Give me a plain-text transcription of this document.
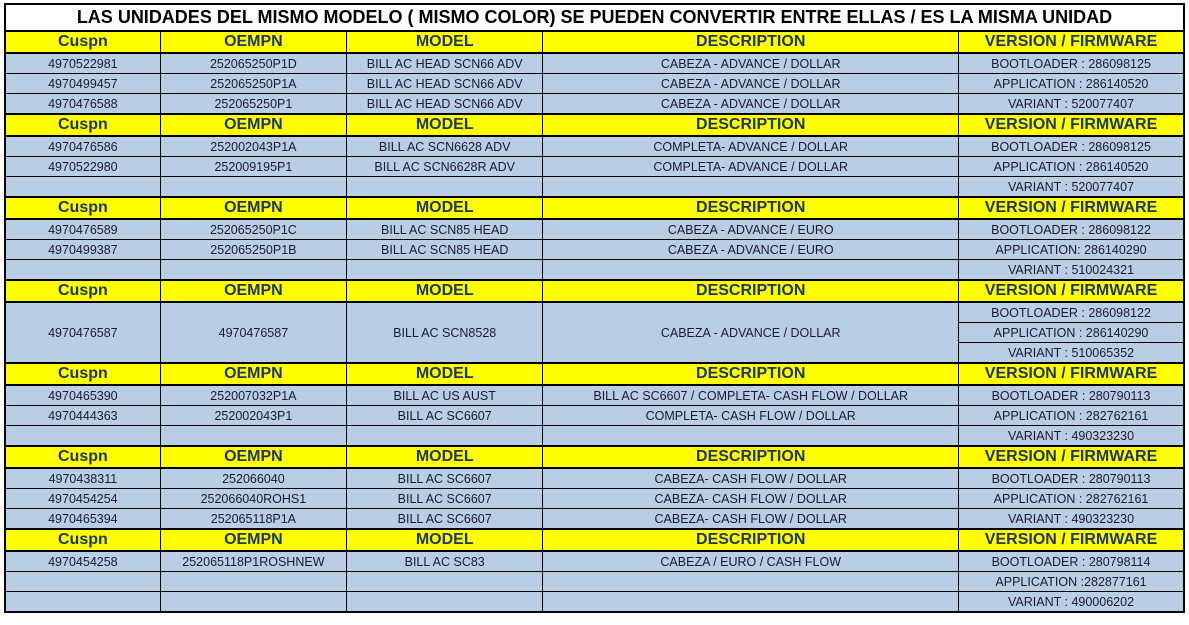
LAS UNIDADES DEL MISMO MODELO ( MISMO COLOR) SE PUEDEN CONVERTIR ENTRE ELLAS / ES LA MISMA UNIDAD				
Cuspn	OEMPN	MODEL	DESCRIPTION	VERSION / FIRMWARE
4970522981	252065250P1D	BILL AC HEAD SCN66 ADV	CABEZA - ADVANCE / DOLLAR	BOOTLOADER : 286098125
4970499457	252065250P1A	BILL AC HEAD SCN66 ADV	CABEZA - ADVANCE / DOLLAR	APPLICATION : 286140520
4970476588	252065250P1	BILL AC HEAD SCN66 ADV	CABEZA - ADVANCE / DOLLAR	VARIANT : 520077407
Cuspn	OEMPN	MODEL	DESCRIPTION	VERSION / FIRMWARE
4970476586	252002043P1A	BILL AC SCN6628 ADV	COMPLETA- ADVANCE / DOLLAR	BOOTLOADER : 286098125
4970522980	252009195P1	BILL AC SCN6628R ADV	COMPLETA- ADVANCE / DOLLAR	APPLICATION : 286140520
				VARIANT : 520077407
Cuspn	OEMPN	MODEL	DESCRIPTION	VERSION / FIRMWARE
4970476589	252065250P1C	BILL AC SCN85 HEAD	CABEZA - ADVANCE / EURO	BOOTLOADER : 286098122
4970499387	252065250P1B	BILL AC SCN85 HEAD	CABEZA - ADVANCE / EURO	APPLICATION: 286140290
				VARIANT : 510024321
Cuspn	OEMPN	MODEL	DESCRIPTION	VERSION / FIRMWARE
4970476587	4970476587	BILL AC SCN8528	CABEZA - ADVANCE / DOLLAR	BOOTLOADER : 286098122
				APPLICATION : 286140290
				VARIANT : 510065352
Cuspn	OEMPN	MODEL	DESCRIPTION	VERSION / FIRMWARE
4970465390	252007032P1A	BILL AC US AUST	BILL AC SC6607 / COMPLETA- CASH FLOW / DOLLAR	BOOTLOADER : 280790113
4970444363	252002043P1	BILL AC SC6607	COMPLETA- CASH FLOW / DOLLAR	APPLICATION : 282762161
				VARIANT : 490323230
Cuspn	OEMPN	MODEL	DESCRIPTION	VERSION / FIRMWARE
4970438311	252066040	BILL AC SC6607	CABEZA- CASH FLOW / DOLLAR	BOOTLOADER : 280790113
4970454254	252066040ROHS1	BILL AC SC6607	CABEZA- CASH FLOW / DOLLAR	APPLICATION : 282762161
4970465394	252065118P1A	BILL AC SC6607	CABEZA- CASH FLOW / DOLLAR	VARIANT : 490323230
Cuspn	OEMPN	MODEL	DESCRIPTION	VERSION / FIRMWARE
4970454258	252065118P1ROSHNEW	BILL AC SC83	CABEZA / EURO / CASH FLOW	BOOTLOADER : 280798114
				APPLICATION :282877161
				VARIANT : 490006202
